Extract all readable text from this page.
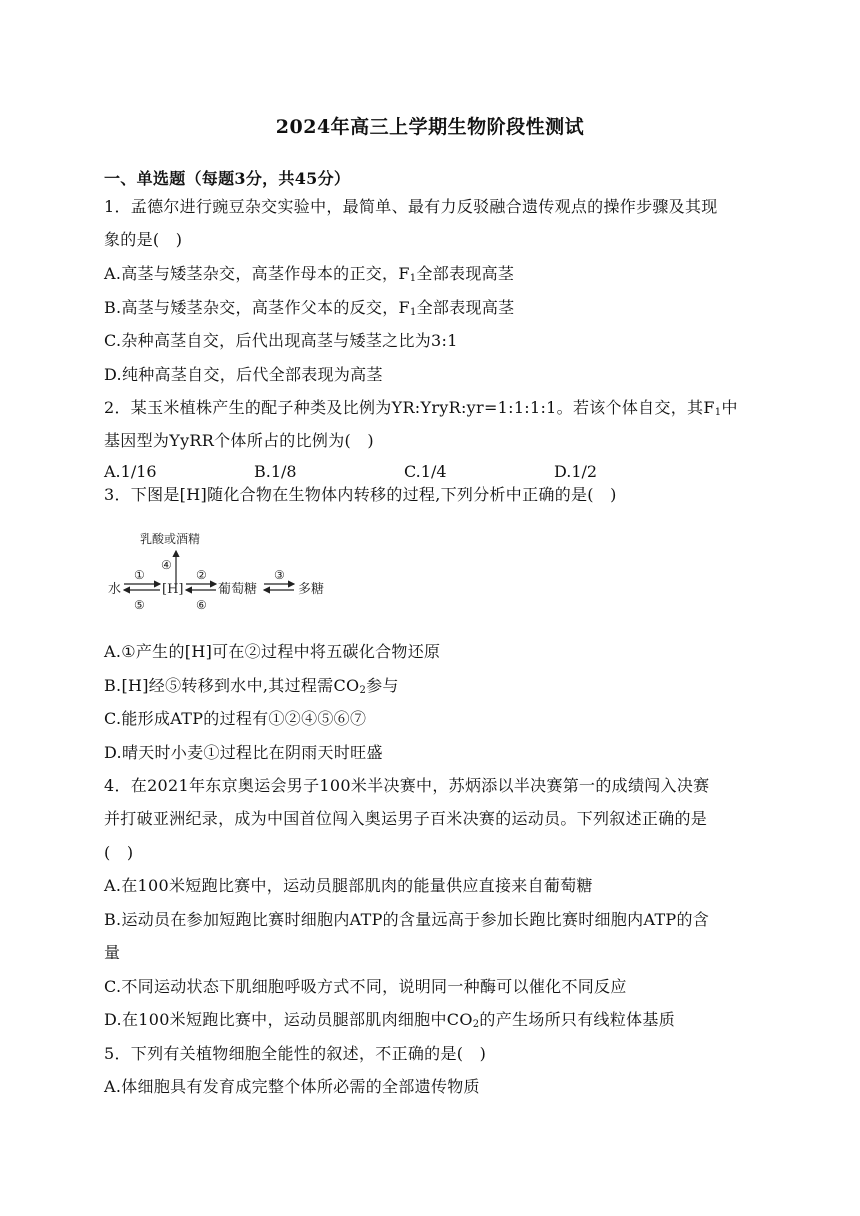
2024年高三上学期生物阶段性测试
一、单选题（每题3分，共45分）
1．孟德尔进行豌豆杂交实验中，最简单、最有力反驳融合遗传观点的操作步骤及其现
象的是(　)
A.高茎与矮茎杂交，高茎作母本的正交，$F_1$全部表现高茎
B.高茎与矮茎杂交，高茎作父本的反交，$F_1$全部表现高茎
C.杂种高茎自交，后代出现高茎与矮茎之比为3:1
D.纯种高茎自交，后代全部表现为高茎
2．某玉米植株产生的配子种类及比例为YR:YryR:yr=1:1:1:1。若该个体自交，其$F_1$中
基因型为YyRR个体所占的比例为(　)
A.1/16	B.1/8	C.1/4	D.1/2
3．下图是[H]随化合物在生物体内转移的过程,下列分析中正确的是(　)
乳酸或酒精
④
水
①
⑤
[H]
②
⑥
葡萄糖
③
多糖
A.①产生的[H]可在②过程中将五碳化合物还原
B.[H]经⑤转移到水中,其过程需$CO_2$参与
C.能形成ATP的过程有①②④⑤⑥⑦
D.晴天时小麦①过程比在阴雨天时旺盛
4．在2021年东京奥运会男子100米半决赛中，苏炳添以半决赛第一的成绩闯入决赛
并打破亚洲纪录，成为中国首位闯入奥运男子百米决赛的运动员。下列叙述正确的是
(　)
A.在100米短跑比赛中，运动员腿部肌肉的能量供应直接来自葡萄糖
B.运动员在参加短跑比赛时细胞内ATP的含量远高于参加长跑比赛时细胞内ATP的含
量
C.不同运动状态下肌细胞呼吸方式不同，说明同一种酶可以催化不同反应
D.在100米短跑比赛中，运动员腿部肌肉细胞中$CO_2$的产生场所只有线粒体基质
5．下列有关植物细胞全能性的叙述，不正确的是(　)
A.体细胞具有发育成完整个体所必需的全部遗传物质
